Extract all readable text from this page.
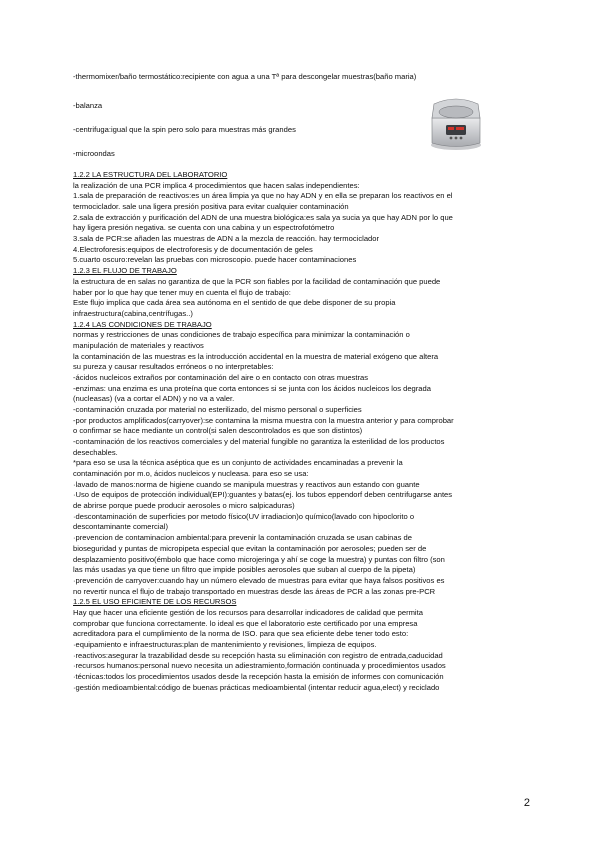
-thermomixer/baño termostático:recipiente con agua a una Tª para descongelar muestras(baño maria)
-balanza
-centrifuga:igual que la spin pero solo para muestras más grandes
-microondas
1.2.2 LA ESTRUCTURA DEL LABORATORIO
la realización de una PCR implica 4 procedimientos que hacen salas independientes:
1.sala de preparación de reactivos:es un área limpia ya que no hay ADN y en ella se preparan los reactivos en el
termociclador. sale una ligera presión positiva para evitar cualquier contaminación
2.sala de extracción y purificación del ADN de una muestra biológica:es sala ya sucia ya que hay ADN por lo que
hay ligera presión negativa. se cuenta con una cabina y un espectrofotómetro
3.sala de PCR:se añaden las muestras de ADN a la mezcla de reacción. hay termociclador
4.Electroforesis:equipos de electroforesis y de documentación de geles
5.cuarto oscuro:revelan las pruebas con microscopio. puede hacer contaminaciones
1.2.3 EL FLUJO DE TRABAJO
la estructura de en salas no garantiza de que la PCR son fiables por la facilidad de contaminación que puede
haber por lo que hay que tener muy en cuenta el flujo de trabajo:
Este flujo implica que cada área sea autónoma en el sentido de que debe disponer de su propia
infraestructura(cabina,centrífugas..)
1.2.4 LAS CONDICIONES DE TRABAJO
normas y restricciones de unas condiciones de trabajo específica para minimizar la contaminación o
manipulación de materiales y reactivos
la contaminación de las muestras es la introducción accidental en la muestra de material exógeno que altera
su pureza y causar resultados erróneos o no interpretables:
-ácidos nucleicos extraños por contaminación del aire o en contacto con otras muestras
-enzimas: una enzima es una proteína que corta entonces si se junta con los ácidos nucleicos los degrada
(nucleasas) (va a cortar el ADN) y no va a valer.
-contaminación cruzada por material no esterilizado, del mismo personal o superficies
-por productos amplificados(carryover):se contamina la misma muestra con la muestra anterior y para comprobar
o confirmar se hace mediante un control(si salen descontrolados es que son distintos)
-contaminación de los reactivos comerciales y del material fungible no garantiza la esterilidad de los productos
desechables.
*para eso se usa la técnica aséptica que es un conjunto de actividades encaminadas a prevenir la
contaminación por m.o, ácidos nucleicos y nucleasa. para eso se usa:
·lavado de manos:norma de higiene cuando se manipula muestras y reactivos aun estando con guante
·Uso de equipos de protección individual(EPI):guantes y batas(ej. los tubos eppendorf deben centrifugarse antes
de abrirse porque puede producir aerosoles o micro salpicaduras)
·descontaminación de superficies por metodo físico(UV irradiacion)o químico(lavado con hipoclorito o
descontaminante comercial)
·prevencion de contaminacion ambiental:para prevenir la contaminación cruzada se usan cabinas de
bioseguridad y puntas de micropipeta especial que evitan la contaminación por aerosoles; pueden ser de
desplazamiento positivo(émbolo que hace como microjeringa y ahí se coge la muestra) y puntas con filtro (son
las más usadas ya que tiene un filtro que impide posibles aerosoles que suban al cuerpo de la pipeta)
·prevención de carryover:cuando hay un número elevado de muestras para evitar que haya falsos positivos es
no revertir nunca el flujo de trabajo transportado en muestras desde las áreas de PCR a las zonas pre-PCR
1.2.5 EL USO EFICIENTE DE LOS RECURSOS
Hay que hacer una eficiente gestión de los recursos para desarrollar indicadores de calidad que permita
comprobar que funciona correctamente. lo ideal es que el laboratorio este certificado por una empresa
acreditadora para el cumplimiento de la norma de ISO. para que sea eficiente debe tener todo esto:
·equipamiento e infraestructuras:plan de mantenimiento y revisiones, limpieza de equipos.
·reactivos:asegurar la trazabilidad desde su recepción hasta su eliminación con registro de entrada,caducidad
·recursos humanos:personal nuevo necesita un adiestramiento,formación continuada y procedimientos usados
·técnicas:todos los procedimientos usados desde la recepción hasta la emisión de informes con comunicación
·gestión medioambiental:código de buenas prácticas medioambiental (intentar reducir agua,elect) y reciclado
2
